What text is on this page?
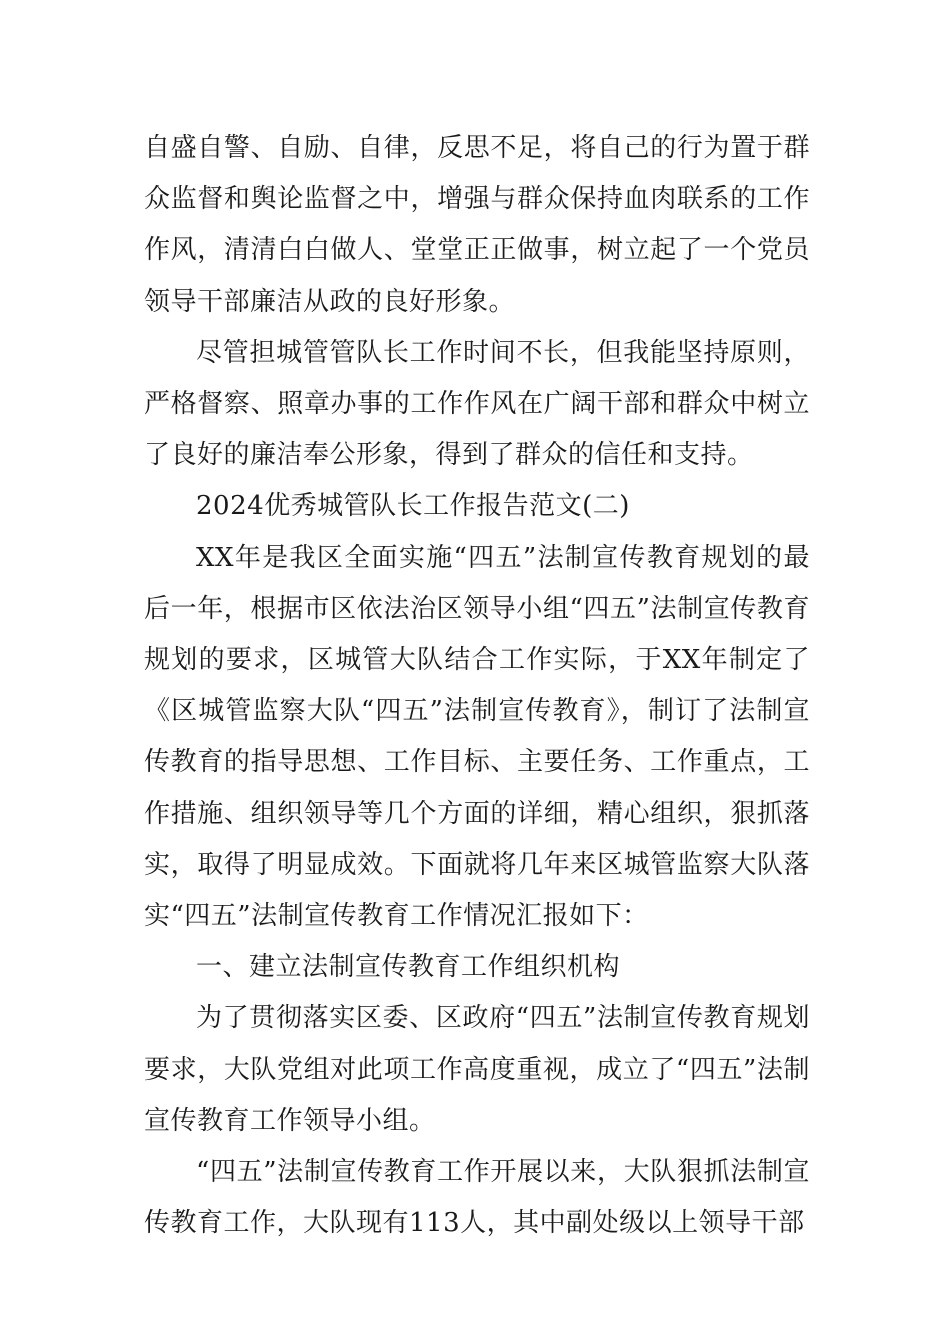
自盛自警、自励、自律，反思不足，将自己的行为置于群众监督和舆论监督之中，增强与群众保持血肉联系的工作作风，清清白白做人、堂堂正正做事，树立起了一个党员领导干部廉洁从政的良好形象。

尽管担城管管队长工作时间不长，但我能坚持原则，严格督察、照章办事的工作作风在广阔干部和群众中树立了良好的廉洁奉公形象，得到了群众的信任和支持。

2024优秀城管队长工作报告范文(二)

XX年是我区全面实施“四五”法制宣传教育规划的最后一年，根据市区依法治区领导小组“四五”法制宣传教育规划的要求，区城管大队结合工作实际，于XX年制定了《区城管监察大队“四五”法制宣传教育》，制订了法制宣传教育的指导思想、工作目标、主要任务、工作重点，工作措施、组织领导等几个方面的详细，精心组织，狠抓落实，取得了明显成效。下面就将几年来区城管监察大队落实“四五”法制宣传教育工作情况汇报如下：

一、建立法制宣传教育工作组织机构

为了贯彻落实区委、区政府“四五”法制宣传教育规划要求，大队党组对此项工作高度重视，成立了“四五”法制宣传教育工作领导小组。

“四五”法制宣传教育工作开展以来，大队狠抓法制宣传教育工作，大队现有113人，其中副处级以上领导干部
